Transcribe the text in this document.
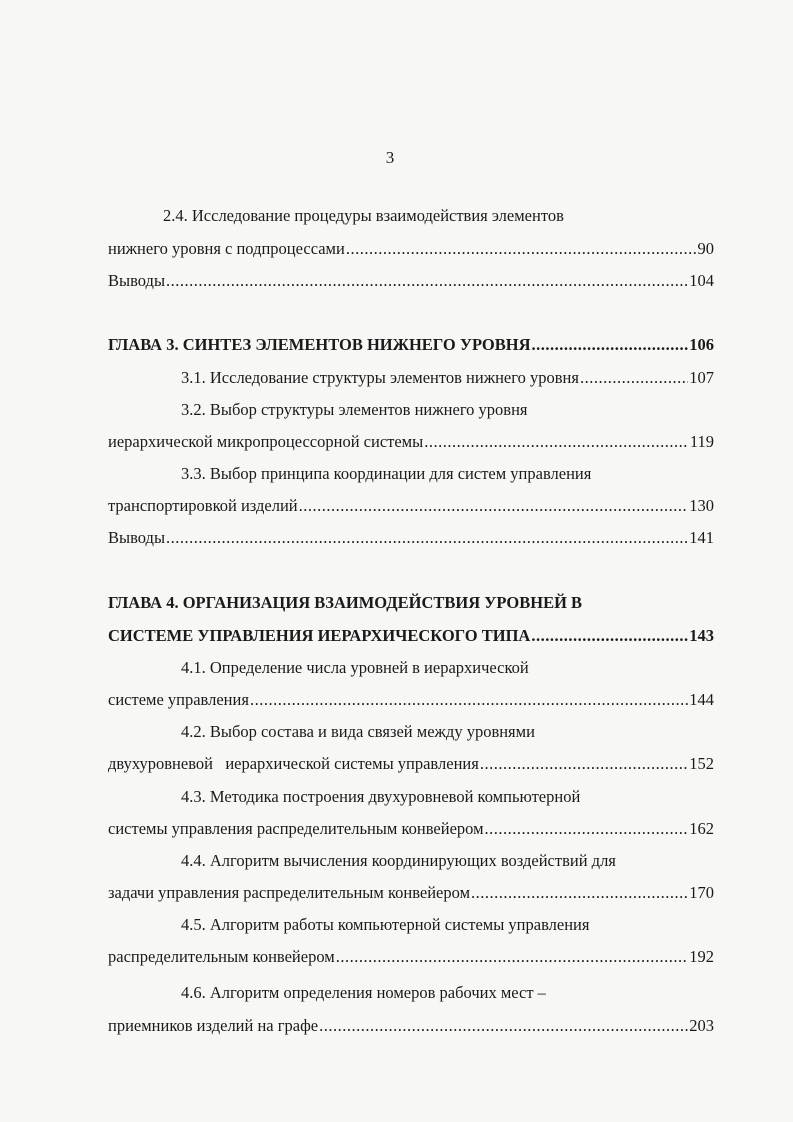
3
2.4. Исследование процедуры взаимодействия элементов
нижнего уровня с подпроцессами .....	90
Выводы .....	104
ГЛАВА 3. СИНТЕЗ ЭЛЕМЕНТОВ НИЖНЕГО УРОВНЯ .....	106
3.1. Исследование структуры элементов нижнего уровня .....	107
3.2. Выбор структуры элементов нижнего уровня
иерархической микропроцессорной системы .....	119
3.3. Выбор принципа координации для систем управления
транспортировкой изделий .....	130
Выводы .....	141
ГЛАВА 4. ОРГАНИЗАЦИЯ ВЗАИМОДЕЙСТВИЯ УРОВНЕЙ В
СИСТЕМЕ УПРАВЛЕНИЯ ИЕРАРХИЧЕСКОГО ТИПА .....	143
4.1. Определение числа уровней в иерархической
системе управления .....	144
4.2. Выбор состава и вида связей между уровнями
двухуровневой   иерархической системы управления .....	152
4.3. Методика построения двухуровневой компьютерной
системы управления распределительным конвейером .....	162
4.4. Алгоритм вычисления координирующих воздействий для
задачи управления распределительным конвейером .....	170
4.5. Алгоритм работы компьютерной системы управления
распределительным конвейером .....	192
4.6. Алгоритм определения номеров рабочих мест –
приемников изделий на графе .....	203
